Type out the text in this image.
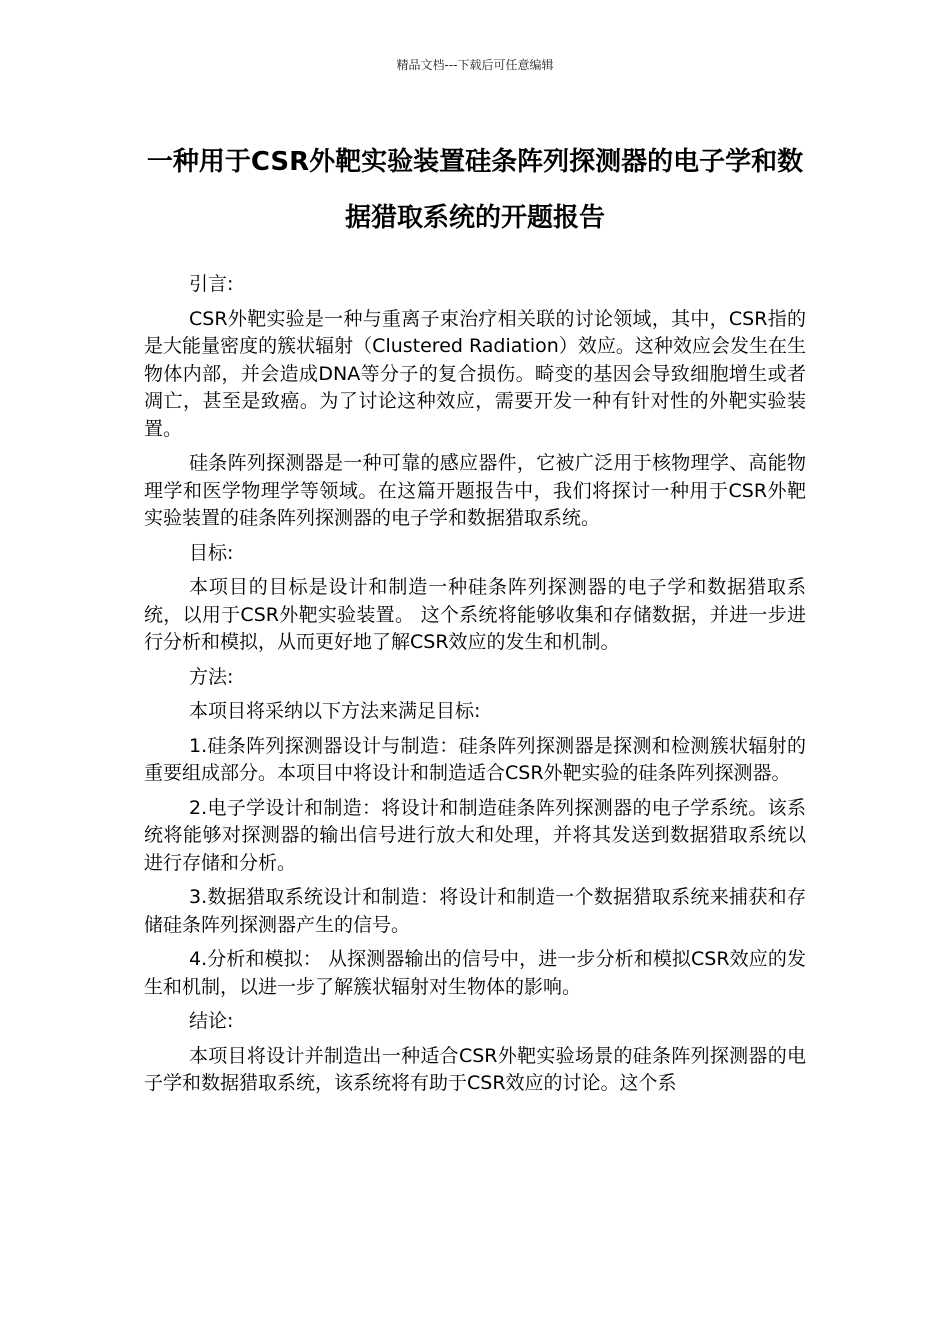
精品文档---下载后可任意编辑
一种用于CSR外靶实验装置硅条阵列探测器的电子学和数据猎取系统的开题报告

引言:

CSR外靶实验是一种与重离子束治疗相关联的讨论领域，其中，CSR指的是大能量密度的簇状辐射（Clustered Radiation）效应。这种效应会发生在生物体内部，并会造成DNA等分子的复合损伤。畸变的基因会导致细胞增生或者凋亡，甚至是致癌。为了讨论这种效应，需要开发一种有针对性的外靶实验装置。

硅条阵列探测器是一种可靠的感应器件，它被广泛用于核物理学、高能物理学和医学物理学等领域。在这篇开题报告中，我们将探讨一种用于CSR外靶实验装置的硅条阵列探测器的电子学和数据猎取系统。

目标:

本项目的目标是设计和制造一种硅条阵列探测器的电子学和数据猎取系统，以用于CSR外靶实验装置。 这个系统将能够收集和存储数据，并进一步进行分析和模拟，从而更好地了解CSR效应的发生和机制。

方法:

本项目将采纳以下方法来满足目标:

1.硅条阵列探测器设计与制造：硅条阵列探测器是探测和检测簇状辐射的重要组成部分。本项目中将设计和制造适合CSR外靶实验的硅条阵列探测器。

2.电子学设计和制造：将设计和制造硅条阵列探测器的电子学系统。该系统将能够对探测器的输出信号进行放大和处理，并将其发送到数据猎取系统以进行存储和分析。

3.数据猎取系统设计和制造：将设计和制造一个数据猎取系统来捕获和存储硅条阵列探测器产生的信号。

4.分析和模拟： 从探测器输出的信号中，进一步分析和模拟CSR效应的发生和机制，以进一步了解簇状辐射对生物体的影响。

结论:

本项目将设计并制造出一种适合CSR外靶实验场景的硅条阵列探测器的电子学和数据猎取系统，该系统将有助于CSR效应的讨论。这个系
